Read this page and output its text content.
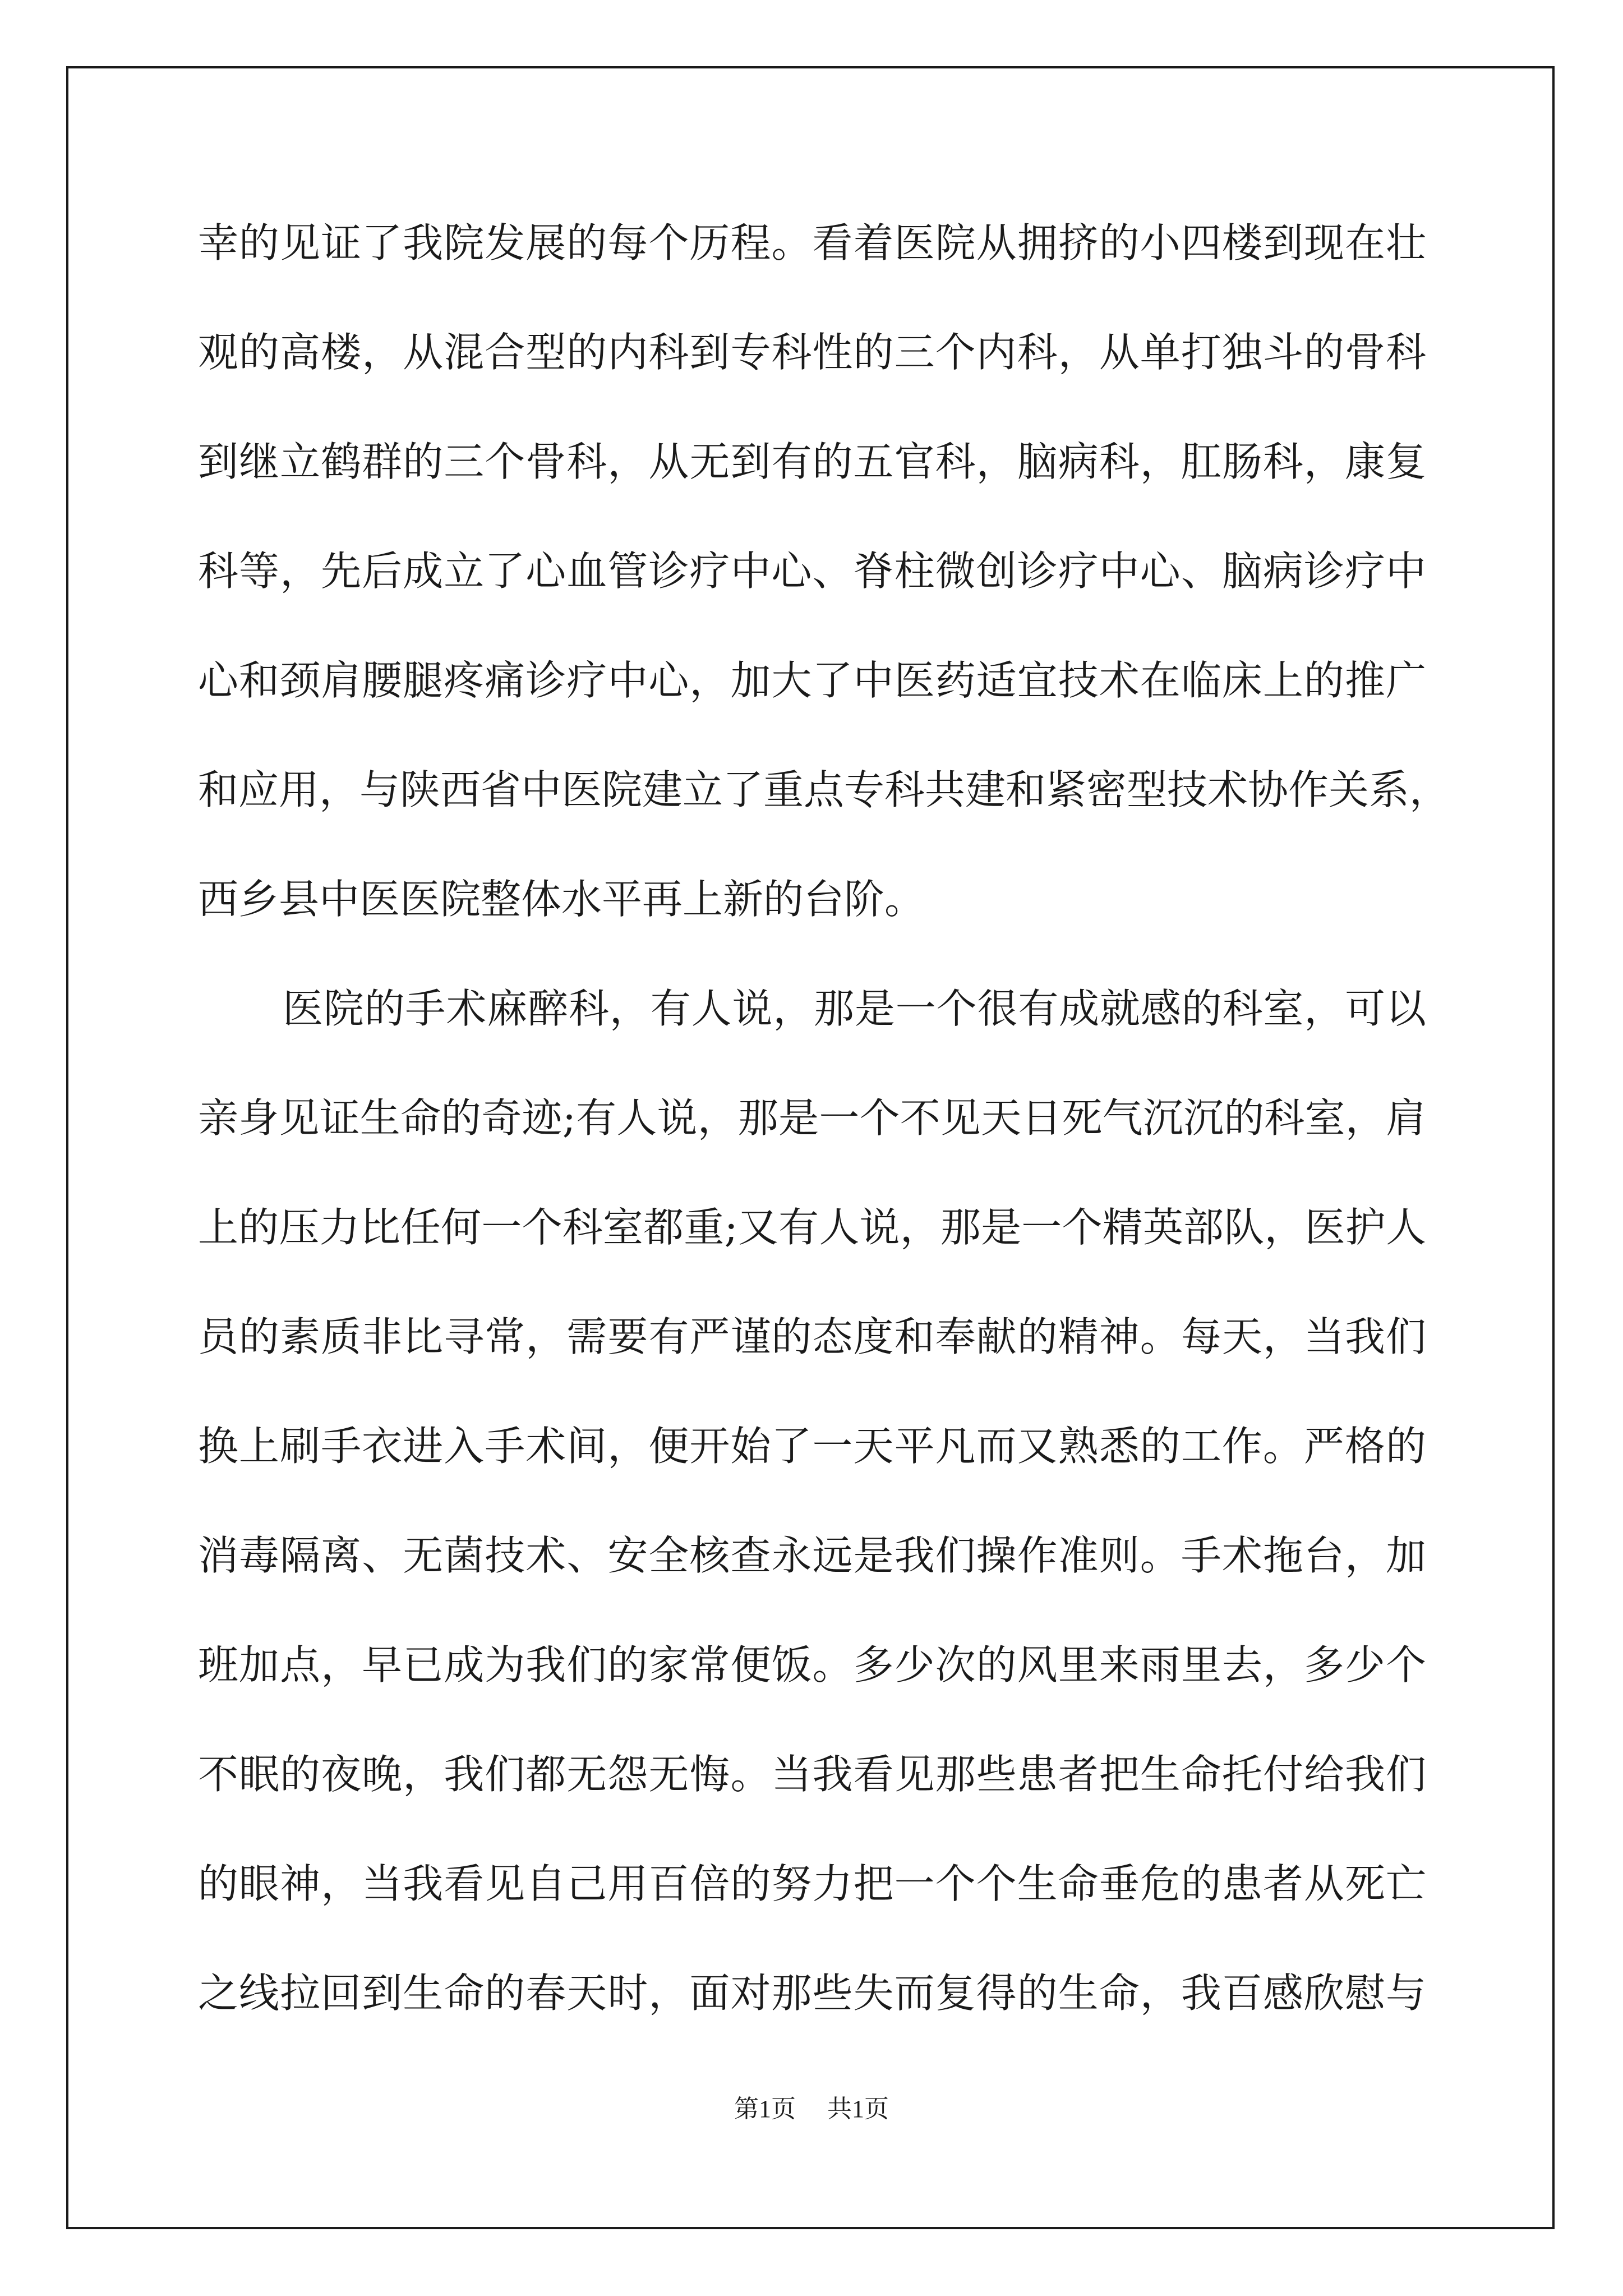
幸的见证了我院发展的每个历程。看着医院从拥挤的小四楼到现在壮

观的高楼，从混合型的内科到专科性的三个内科，从单打独斗的骨科

到继立鹤群的三个骨科，从无到有的五官科，脑病科，肛肠科，康复

科等，先后成立了心血管诊疗中心、脊柱微创诊疗中心、脑病诊疗中

心和颈肩腰腿疼痛诊疗中心，加大了中医药适宜技术在临床上的推广

和应用，与陕西省中医院建立了重点专科共建和紧密型技术协作关系，

西乡县中医医院整体水平再上新的台阶。

医院的手术麻醉科，有人说，那是一个很有成就感的科室，可以

亲身见证生命的奇迹;有人说，那是一个不见天日死气沉沉的科室，肩

上的压力比任何一个科室都重;又有人说，那是一个精英部队，医护人

员的素质非比寻常，需要有严谨的态度和奉献的精神。每天，当我们

换上刷手衣进入手术间，便开始了一天平凡而又熟悉的工作。严格的

消毒隔离、无菌技术、安全核查永远是我们操作准则。手术拖台，加

班加点，早已成为我们的家常便饭。多少次的风里来雨里去，多少个

不眠的夜晚，我们都无怨无悔。当我看见那些患者把生命托付给我们

的眼神，当我看见自己用百倍的努力把一个个生命垂危的患者从死亡

之线拉回到生命的春天时，面对那些失而复得的生命，我百感欣慰与

第1页 共1页
